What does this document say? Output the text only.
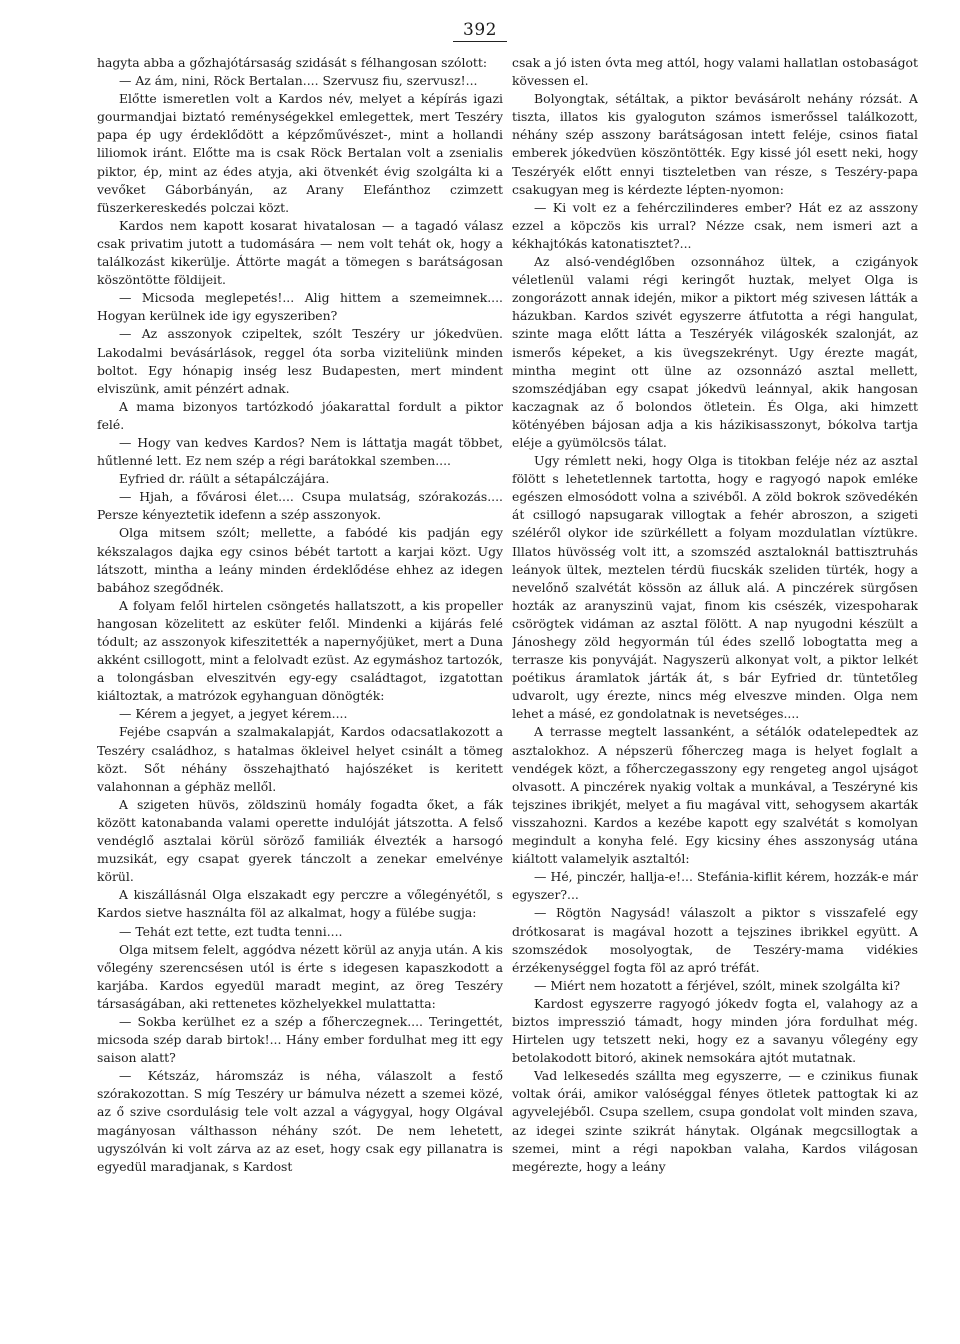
392

hagyta abba a gőzhajótársaság szidását s félhangosan szólott:

— Az ám, nini, Röck Bertalan.... Szervusz fiu, szervusz!...

Előtte ismeretlen volt a Kardos név, melyet a képírás igazi gourmandjai biztató reménységekkel emlegettek, mert Teszéry papa ép ugy érdeklődött a képzőművészet-, mint a hollandi liliomok iránt. Előtte ma is csak Röck Bertalan volt a zsenialis piktor, ép, mint az édes atyja, aki ötvenkét évig szolgálta ki a vevőket Gáborbányán, az Arany Elefánthoz czimzett füszerkereskedés polczai közt.

Kardos nem kapott kosarat hivatalosan — a tagadó válasz csak privatim jutott a tudomására — nem volt tehát ok, hogy a találkozást kikerülje. Áttörte magát a tömegen s barátságosan köszöntötte földijeit.

— Micsoda meglepetés!... Alig hittem a szemeimnek.... Hogyan kerülnek ide igy egyszeriben?

— Az asszonyok czipeltek, szólt Teszéry ur jókedvüen. Lakodalmi bevásárlások, reggel óta sorba viziteliünk minden boltot. Egy hónapig inség lesz Budapesten, mert mindent elviszünk, amit pénzért adnak.

A mama bizonyos tartózkodó jóakarattal fordult a piktor felé.

— Hogy van kedves Kardos? Nem is láttatja magát többet, hűtlenné lett. Ez nem szép a régi barátokkal szemben....

Eyfried dr. ráült a sétapálczájára.

— Hjah, a fővárosi élet.... Csupa mulatság, szórakozás.... Persze kényeztetik idefenn a szép asszonyok.

Olga mitsem szólt; mellette, a fabódé kis padján egy kékszalagos dajka egy csinos bébét tartott a karjai közt. Ugy látszott, mintha a leány minden érdeklődése ehhez az idegen babához szegődnék.

A folyam felől hirtelen csöngetés hallatszott, a kis propeller hangosan közelitett az esküter felől. Mindenki a kijárás felé tódult; az asszonyok kifeszitették a napernyőjüket, mert a Duna akként csillogott, mint a felolvadt ezüst. Az egymáshoz tartozók, a tolongásban elveszitvén egy-egy családtagot, izgatottan kiáltoztak, a matrózok egyhanguan dönögték:

— Kérem a jegyet, a jegyet kérem....

Fejébe csapván a szalmakalapját, Kardos odacsatlakozott a Teszéry családhoz, s hatalmas ökleivel helyet csinált a tömeg közt. Sőt néhány összehajtható hajószéket is keritett valahonnan a géphäz mellől.

A szigeten hüvös, zöldszinü homály fogadta őket, a fák között katonabanda valami operette indulóját játszotta. A felső vendéglő asztalai körül söröző familiák élvezték a harsogó muzsikát, egy csapat gyerek tánczolt a zenekar emelvénye körül.

A kiszállásnál Olga elszakadt egy perczre a vőlegényétől, s Kardos sietve használta föl az alkalmat, hogy a fülébe sugja:

— Tehát ezt tette, ezt tudta tenni....

Olga mitsem felelt, aggódva nézett körül az anyja után. A kis vőlegény szerencsésen utól is érte s idegesen kapaszkodott a karjába. Kardos egyedül maradt megint, az öreg Teszéry társaságában, aki rettenetes közhelyekkel mulattatta:

— Sokba kerülhet ez a szép a főherczegnek.... Teringettét, micsoda szép darab birtok!... Hány ember fordulhat meg itt egy saison alatt?

— Kétszáz, háromszáz is néha, válaszolt a festő szórakozottan. S míg Teszéry ur bámulva nézett a szemei közé, az ő szive csordulásig tele volt azzal a vágygyal, hogy Olgával magányosan válthasson néhány szót. De nem lehetett, ugyszólván ki volt zárva az az eset, hogy csak egy pillanatra is egyedül maradjanak, s Kardost

csak a jó isten óvta meg attól, hogy valami hallatlan ostobaságot kövessen el.

Bolyongtak, sétáltak, a piktor bevásárolt nehány rózsát. A tiszta, illatos kis gyaloguton számos ismerőssel találkozott, néhány szép asszony barátságosan intett feléje, csinos fiatal emberek jókedvüen köszöntötték. Egy kissé jól esett neki, hogy Teszéryék előtt ennyi tiszteletben van része, s Teszéry-papa csakugyan meg is kérdezte lépten-nyomon:

— Ki volt ez a fehérczilinderes ember? Hát ez az asszony ezzel a köpczös kis urral? Nézze csak, nem ismeri azt a kékhajtókás katonatisztet?...

Az alsó-vendéglőben ozsonnához ültek, a czigányok véletlenül valami régi keringőt huztak, melyet Olga is zongorázott annak idején, mikor a piktort még szivesen látták a házukban. Kardos szivét egyszerre átfutotta a régi hangulat, szinte maga előtt látta a Teszéryék világoskék szalonját, az ismerős képeket, a kis üvegszekrényt. Ugy érezte magát, mintha megint ott ülne az ozsonnázó asztal mellett, szomszédjában egy csapat jókedvü leánnyal, akik hangosan kaczagnak az ő bolondos ötletein. És Olga, aki himzett kötényében bájosan adja a kis házikisasszonyt, bókolva tartja eléje a gyümölcsös tálat.

Ugy rémlett neki, hogy Olga is titokban feléje néz az asztal fölött s lehetetlennek tartotta, hogy e ragyogó napok emléke egészen elmosódott volna a szivéből. A zöld bokrok szövedékén át csillogó napsugarak villogtak a fehér abroszon, a szigeti széléről olykor ide szürkéllett a folyam mozdulatlan víztükre. Illatos hüvösség volt itt, a szomszéd asztaloknál battisztruhás leányok ültek, meztelen térdü fiucskák szeliden türték, hogy a nevelőnő szalvétát kössön az álluk alá. A pinczérek sürgősen hozták az aranyszinü vajat, finom kis csészék, vizespoharak csörögtek vidáman az asztal fölött. A nap nyugodni készült a Jánoshegy zöld hegyormán túl édes szellő lobogtatta meg a terrasze kis ponyváját. Nagyszerü alkonyat volt, a piktor lelkét poétikus áramlatok járták át, s bár Eyfried dr. tüntetőleg udvarolt, ugy érezte, nincs még elveszve minden. Olga nem lehet a másé, ez gondolatnak is nevetséges....

A terrasse megtelt lassanként, a sétálók odatelepedtek az asztalokhoz. A népszerü főherczeg maga is helyet foglalt a vendégek közt, a főherczegasszony egy rengeteg angol ujságot olvasott. A pinczérek nyakig voltak a munkával, a Teszéryné kis tejszines ibrikjét, melyet a fiu magával vitt, sehogysem akarták visszahozni. Kardos a kezébe kapott egy szalvétát s komolyan megindult a konyha felé. Egy kicsiny éhes asszonyság utána kiáltott valamelyik asztaltól:

— Hé, pinczér, hallja-e!... Stefánia-kiflit kérem, hozzák-e már egyszer?...

— Rögtön Nagysád! válaszolt a piktor s visszafelé egy drótkosarat is magával hozott a tejszines ibrikkel együtt. A szomszédok mosolyogtak, de Teszéry-mama vidékies érzékenységgel fogta föl az apró tréfát.

— Miért nem hozatott a férjével, szólt, minek szolgálta ki?

Kardost egyszerre ragyogó jókedv fogta el, valahogy az a biztos impresszió támadt, hogy minden jóra fordulhat még. Hirtelen ugy tetszett neki, hogy ez a savanyu vőlegény egy betolakodott bitoró, akinek nemsokára ajtót mutatnak.

Vad lelkesedés szállta meg egyszerre, — e czinikus fiunak voltak órái, amikor valóséggal fényes ötletek pattogtak ki az agyvelejéből. Csupa szellem, csupa gondolat volt minden szava, az idegei szinte szikrát hánytak. Olgának megcsillogtak a szemei, mint a régi napokban valaha, Kardos világosan megérezte, hogy a leány
